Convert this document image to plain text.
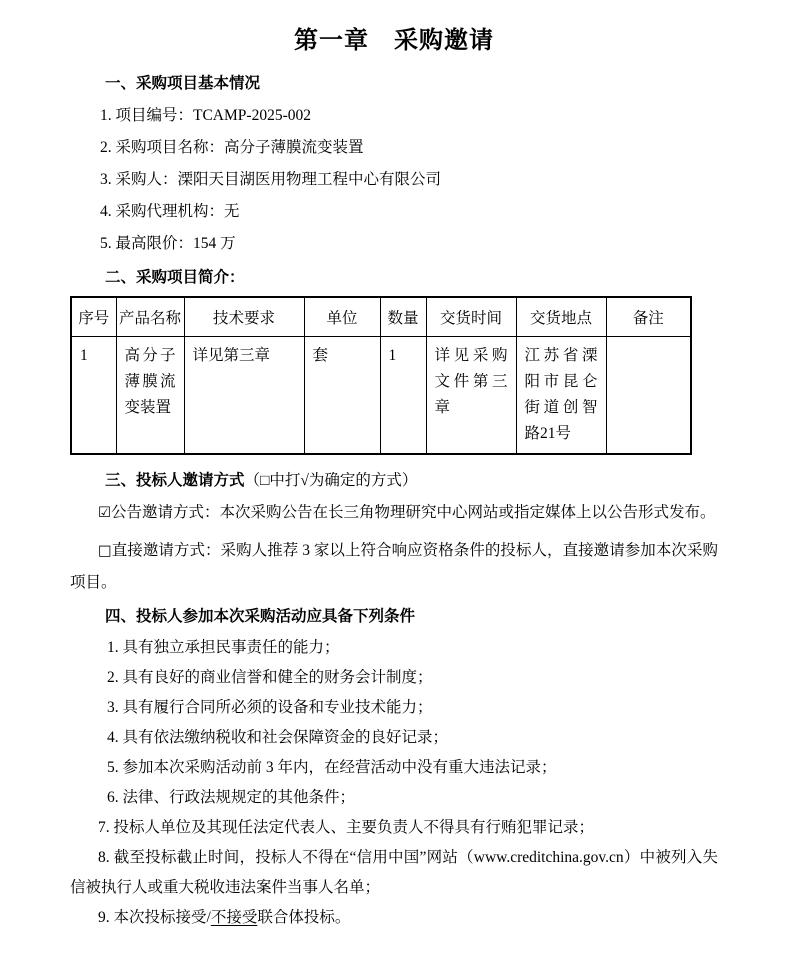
第一章　采购邀请

一、采购项目基本情况

1. 项目编号：TCAMP-2025-002

2. 采购项目名称：高分子薄膜流变装置

3. 采购人：溧阳天目湖医用物理工程中心有限公司

4. 采购代理机构：无

5. 最高限价：154 万

二、采购项目简介：

序号	产品名称	技术要求	单位	数量	交货时间	交货地点	备注
1	高分子薄膜流变装置	详见第三章	套	1	详见采购文件第三章	江苏省溧阳市昆仑街道创智路21号	

三、投标人邀请方式（□中打√为确定的方式）

☑公告邀请方式：本次采购公告在长三角物理研究中心网站或指定媒体上以公告形式发布。

□直接邀请方式：采购人推荐 3 家以上符合响应资格条件的投标人，直接邀请参加本次采购项目。

四、投标人参加本次采购活动应具备下列条件

1. 具有独立承担民事责任的能力；

2. 具有良好的商业信誉和健全的财务会计制度；

3. 具有履行合同所必须的设备和专业技术能力；

4. 具有依法缴纳税收和社会保障资金的良好记录；

5. 参加本次采购活动前 3 年内，在经营活动中没有重大违法记录；

6. 法律、行政法规规定的其他条件；

7. 投标人单位及其现任法定代表人、主要负责人不得具有行贿犯罪记录；

8. 截至投标截止时间，投标人不得在“信用中国”网站（www.creditchina.gov.cn）中被列入失信被执行人或重大税收违法案件当事人名单；

9. 本次投标接受/不接受联合体投标。
